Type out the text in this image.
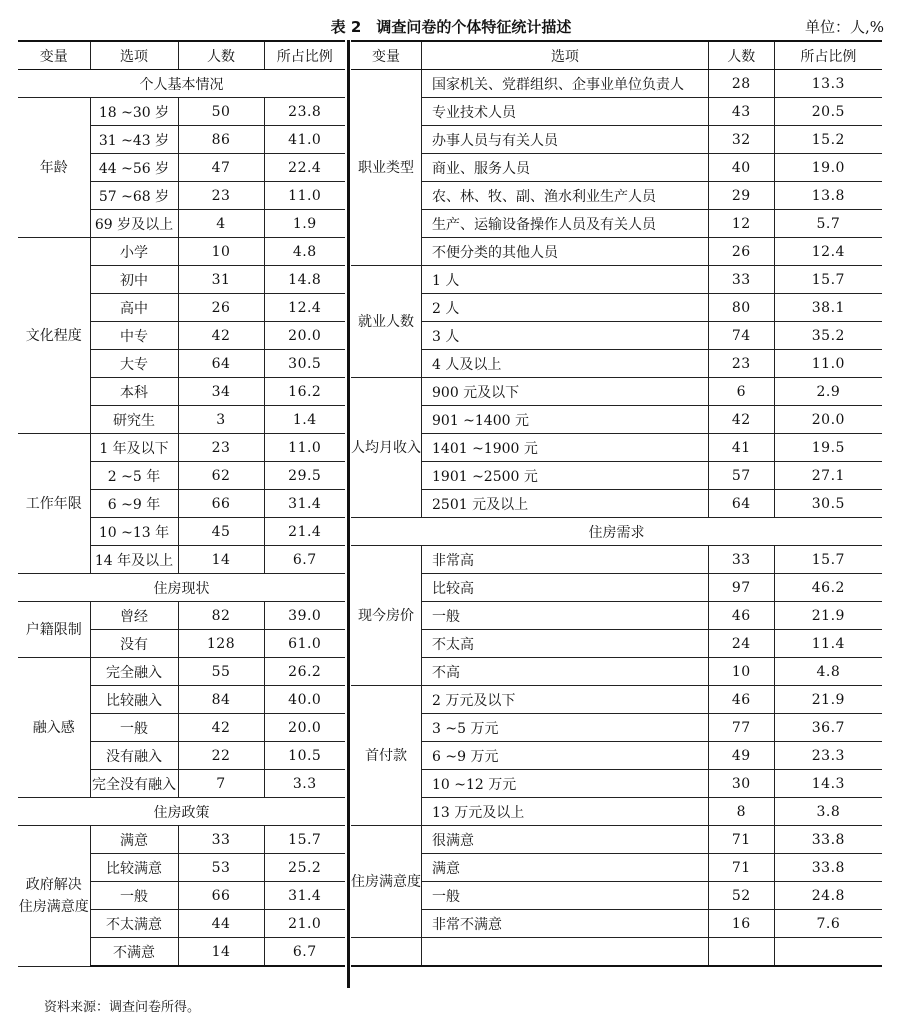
表 2　调查问卷的个体特征统计描述	单位：人,%
变量	选项	人数	所占比例
个人基本情况			
年龄	18 ~30 岁	50	23.8
	31 ~43 岁	86	41.0
	44 ~56 岁	47	22.4
	57 ~68 岁	23	11.0
	69 岁及以上	4	1.9
文化程度	小学	10	4.8
	初中	31	14.8
	高中	26	12.4
	中专	42	20.0
	大专	64	30.5
	本科	34	16.2
	研究生	3	1.4
工作年限	1 年及以下	23	11.0
	2 ~5 年	62	29.5
	6 ~9 年	66	31.4
	10 ~13 年	45	21.4
	14 年及以上	14	6.7
住房现状			
户籍限制	曾经	82	39.0
	没有	128	61.0
融入感	完全融入	55	26.2
	比较融入	84	40.0
	一般	42	20.0
	没有融入	22	10.5
	完全没有融入	7	3.3
住房政策			
政府解决
住房满意度	满意	33	15.7
	比较满意	53	25.2
	一般	66	31.4
	不太满意	44	21.0
	不满意	14	6.7
变量	选项	人数	所占比例
职业类型	国家机关、党群组织、企事业单位负责人	28	13.3
	专业技术人员	43	20.5
	办事人员与有关人员	32	15.2
	商业、服务人员	40	19.0
	农、林、牧、副、渔水利业生产人员	29	13.8
	生产、运输设备操作人员及有关人员	12	5.7
	不便分类的其他人员	26	12.4
就业人数	1 人	33	15.7
	2 人	80	38.1
	3 人	74	35.2
	4 人及以上	23	11.0
人均月收入	900 元及以下	6	2.9
	901 ~1400 元	42	20.0
	1401 ~1900 元	41	19.5
	1901 ~2500 元	57	27.1
	2501 元及以上	64	30.5
住房需求			
现今房价	非常高	33	15.7
	比较高	97	46.2
	一般	46	21.9
	不太高	24	11.4
	不高	10	4.8
首付款	2 万元及以下	46	21.9
	3 ~5 万元	77	36.7
	6 ~9 万元	49	23.3
	10 ~12 万元	30	14.3
	13 万元及以上	8	3.8
住房满意度	很满意	71	33.8
	满意	71	33.8
	一般	52	24.8
	非常不满意	16	7.6

资料来源：调查问卷所得。
